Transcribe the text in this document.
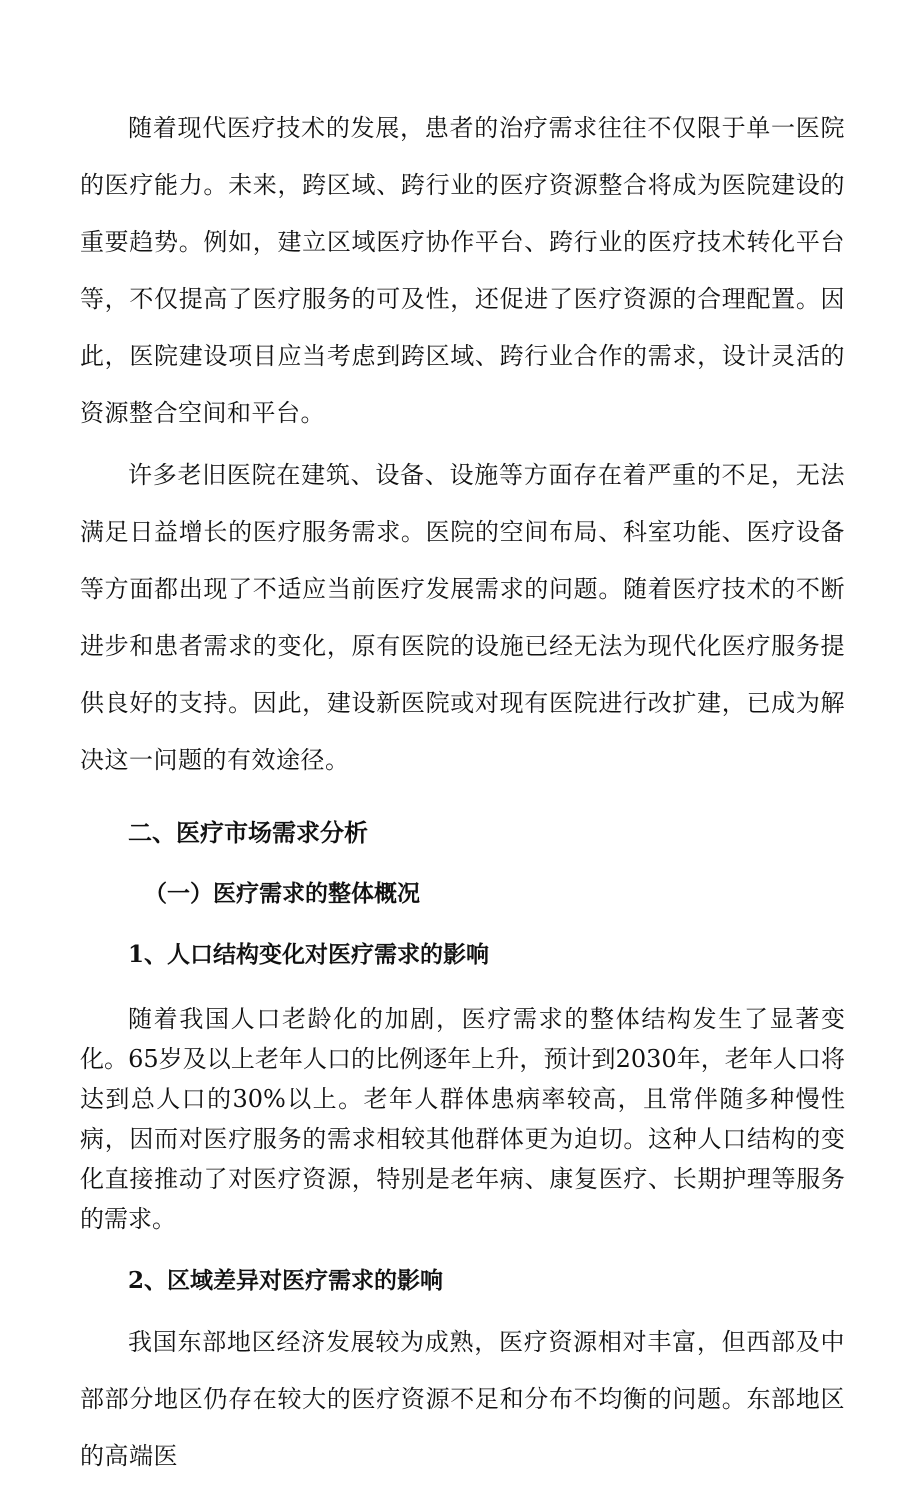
随着现代医疗技术的发展，患者的治疗需求往往不仅限于单一医院的医疗能力。未来，跨区域、跨行业的医疗资源整合将成为医院建设的重要趋势。例如，建立区域医疗协作平台、跨行业的医疗技术转化平台等，不仅提高了医疗服务的可及性，还促进了医疗资源的合理配置。因此，医院建设项目应当考虑到跨区域、跨行业合作的需求，设计灵活的资源整合空间和平台。

许多老旧医院在建筑、设备、设施等方面存在着严重的不足，无法满足日益增长的医疗服务需求。医院的空间布局、科室功能、医疗设备等方面都出现了不适应当前医疗发展需求的问题。随着医疗技术的不断进步和患者需求的变化，原有医院的设施已经无法为现代化医疗服务提供良好的支持。因此，建设新医院或对现有医院进行改扩建，已成为解决这一问题的有效途径。

二、医疗市场需求分析
（一）医疗需求的整体概况
1、人口结构变化对医疗需求的影响

随着我国人口老龄化的加剧，医疗需求的整体结构发生了显著变化。65岁及以上老年人口的比例逐年上升，预计到2030年，老年人口将达到总人口的30%以上。老年人群体患病率较高，且常伴随多种慢性病，因而对医疗服务的需求相较其他群体更为迫切。这种人口结构的变化直接推动了对医疗资源，特别是老年病、康复医疗、长期护理等服务的需求。

2、区域差异对医疗需求的影响

我国东部地区经济发展较为成熟，医疗资源相对丰富，但西部及中部部分地区仍存在较大的医疗资源不足和分布不均衡的问题。东部地区的高端医
